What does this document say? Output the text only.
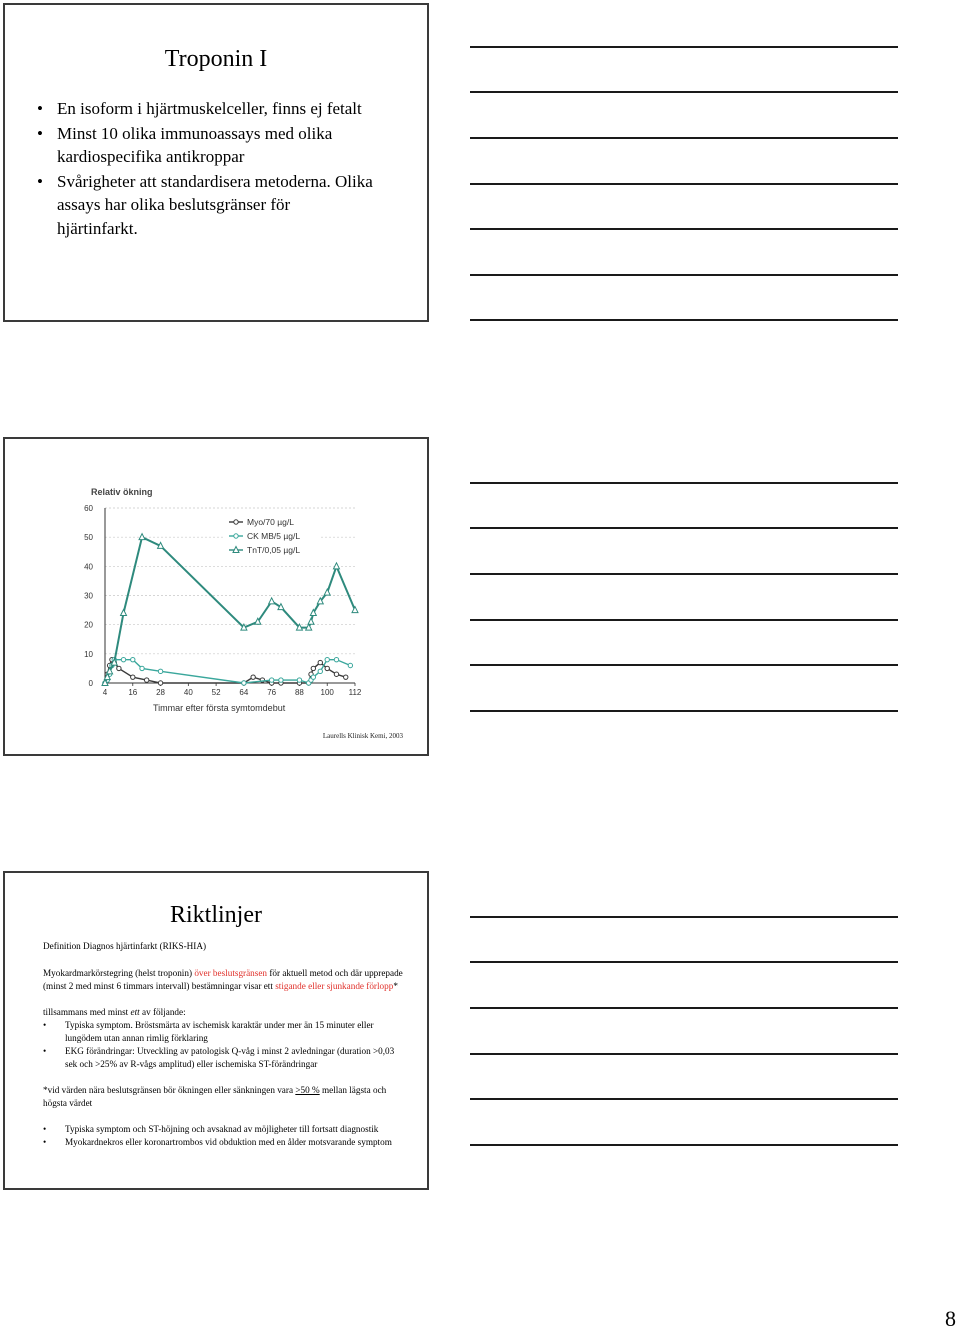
Troponin I
• En isoform i hjärtmuskelceller, finns ej fetalt
• Minst 10 olika immunoassays med olika kardiospecifika antikroppar
• Svårigheter att standardisera metoderna. Olika assays har olika beslutsgränser för hjärtinfarkt.
0
10
20
30
40
50
60
4	16 28 40 52 64 76 88 100 112
Relativ ökning
Timmar efter första symtomdebut
Myo/70 µg/L
CK MB/5 µg/L
TnT/0,05 µg/L
Laurells Klinisk Kemi, 2003
Riktlinjer
Definition Diagnos hjärtinfarkt (RIKS-HIA)
Myokardmarkörstegring (helst troponin) över beslutsgränsen för aktuell metod och där upprepade (minst 2 med minst 6 timmars intervall) bestämningar visar ett stigande eller sjunkande förlopp*
tillsammans med minst ett av följande:
• Typiska symptom. Bröstsmärta av ischemisk karaktär under mer än 15 minuter eller lungödem utan annan rimlig förklaring
• EKG förändringar: Utveckling av patologisk Q-våg i minst 2 avledningar (duration >0,03 sek och >25% av R-vågs amplitud) eller ischemiska ST-förändringar
*vid värden nära beslutsgränsen bör ökningen eller sänkningen vara >50 % mellan lägsta och högsta värdet
• Typiska symptom och ST-höjning och avsaknad av möjligheter till fortsatt diagnostik
• Myokardnekros eller koronartrombos vid obduktion med en ålder motsvarande symptom
8
